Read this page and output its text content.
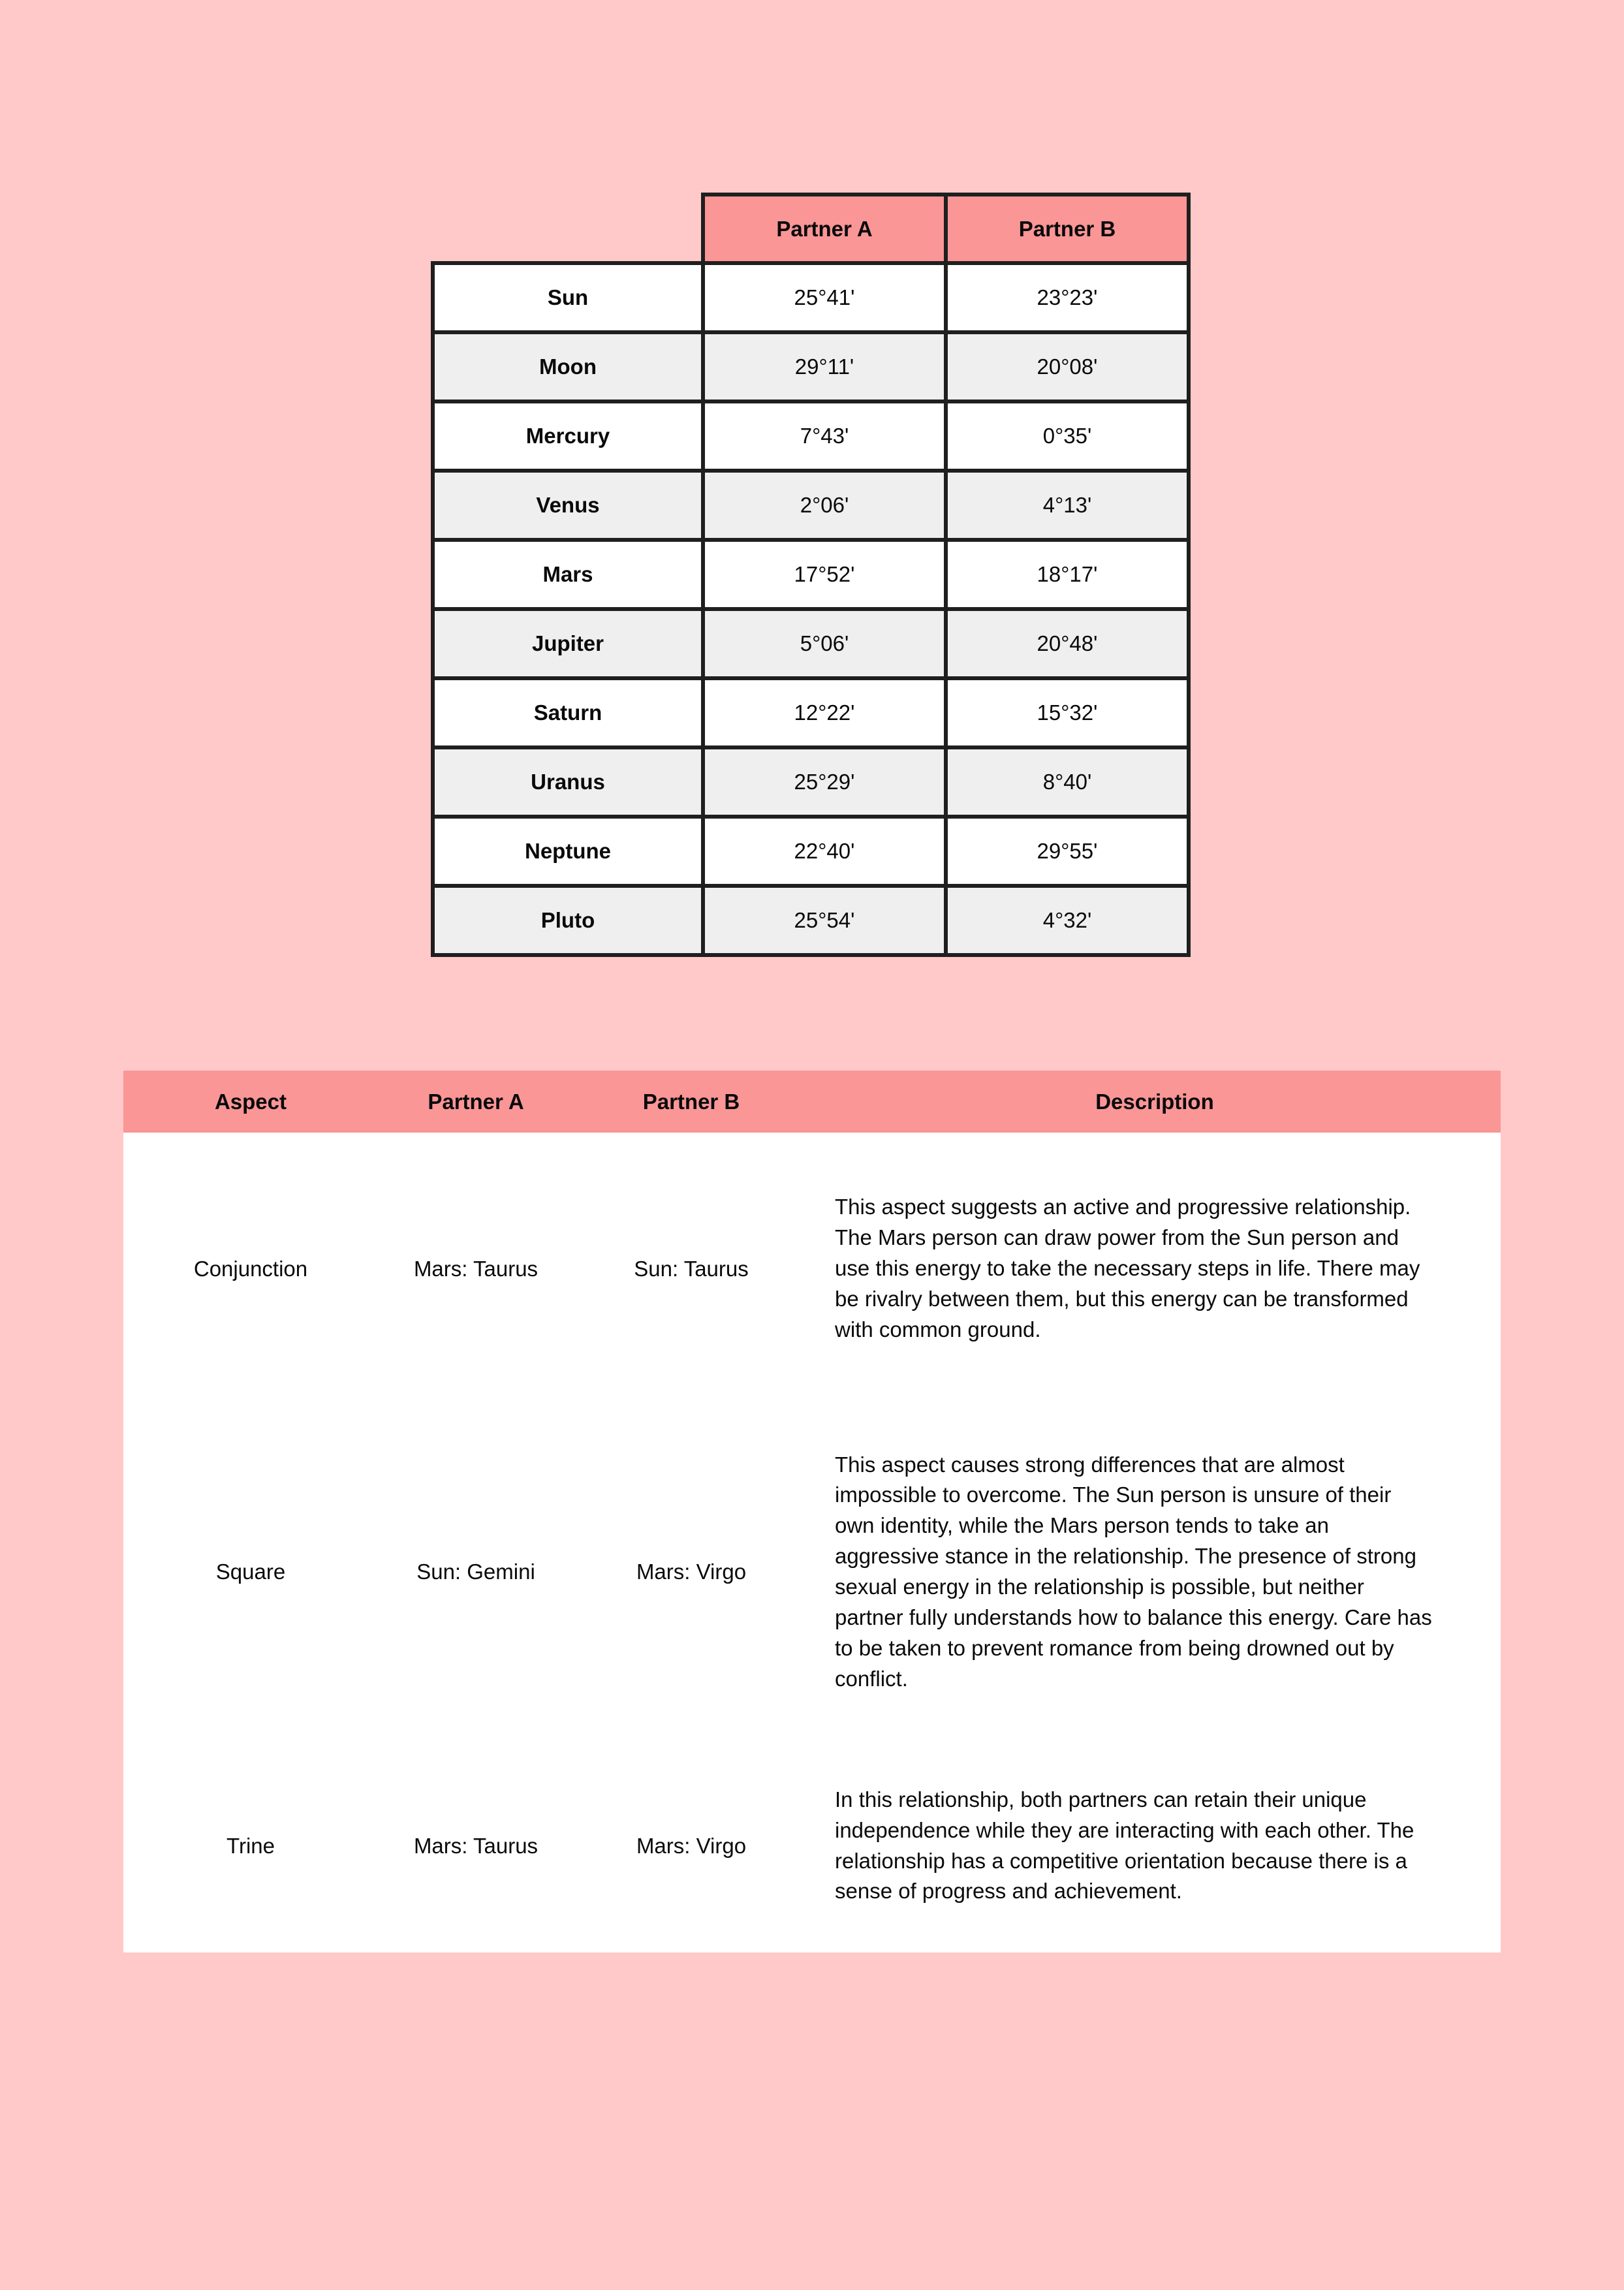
	Partner A	Partner B
Sun	25°41'	23°23'
Moon	29°11'	20°08'
Mercury	7°43'	0°35'
Venus	2°06'	4°13'
Mars	17°52'	18°17'
Jupiter	5°06'	20°48'
Saturn	12°22'	15°32'
Uranus	25°29'	8°40'
Neptune	22°40'	29°55'
Pluto	25°54'	4°32'
Aspect	Partner A	Partner B	Description
Conjunction	Mars: Taurus	Sun: Taurus	This aspect suggests an active and progressive relationship. The Mars person can draw power from the Sun person and use this energy to take the necessary steps in life. There may be rivalry between them, but this energy can be transformed with common ground.
Square	Sun: Gemini	Mars: Virgo	This aspect causes strong differences that are almost impossible to overcome. The Sun person is unsure of their own identity, while the Mars person tends to take an aggressive stance in the relationship. The presence of strong sexual energy in the relationship is possible, but neither partner fully understands how to balance this energy. Care has to be taken to prevent romance from being drowned out by conflict.
Trine	Mars: Taurus	Mars: Virgo	In this relationship, both partners can retain their unique independence while they are interacting with each other. The relationship has a competitive orientation because there is a sense of progress and achievement.
